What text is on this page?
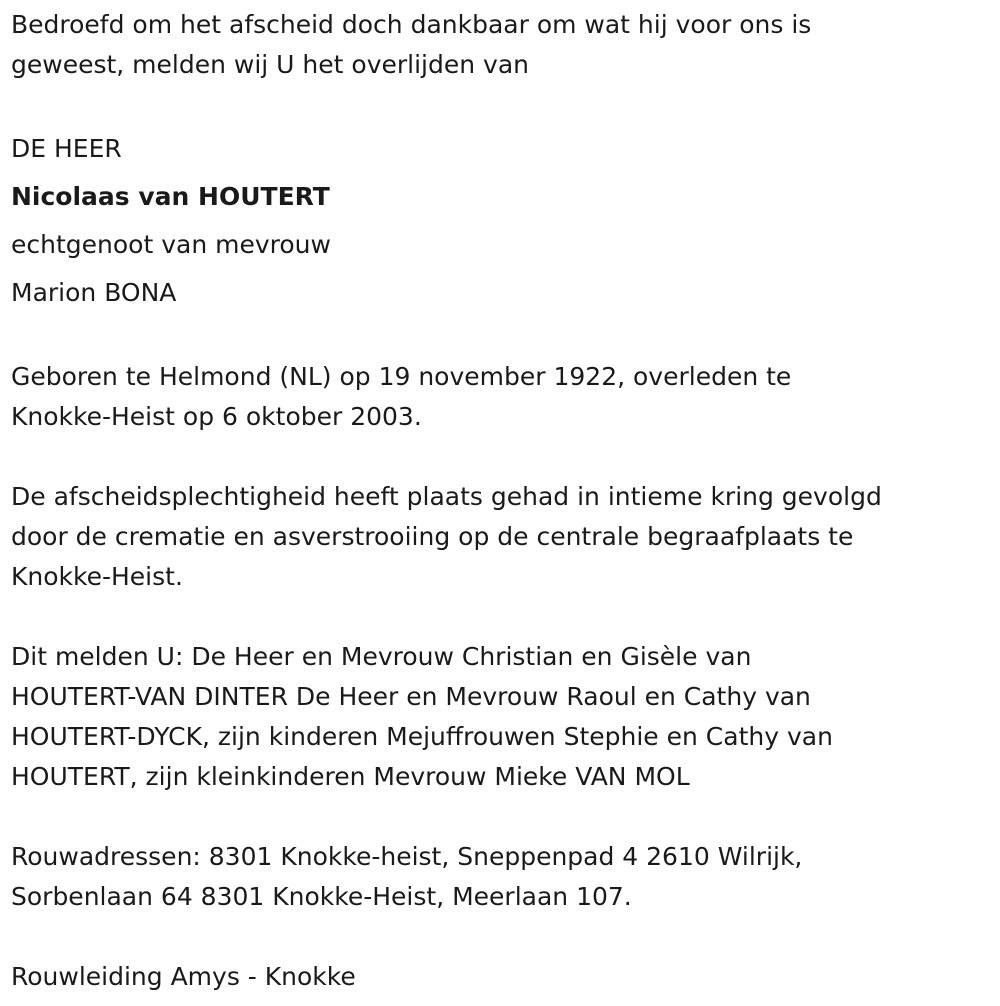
Bedroefd om het afscheid doch dankbaar om wat hij voor ons is

geweest, melden wij U het overlijden van

DE HEER

Nicolaas van HOUTERT

echtgenoot van mevrouw

Marion BONA

Geboren te Helmond (NL) op 19 november 1922, overleden te

Knokke-Heist op 6 oktober 2003.

De afscheidsplechtigheid heeft plaats gehad in intieme kring gevolgd

door de crematie en asverstrooiing op de centrale begraafplaats te

Knokke-Heist.

Dit melden U: De Heer en Mevrouw Christian en Gisèle van

HOUTERT-VAN DINTER De Heer en Mevrouw Raoul en Cathy van

HOUTERT-DYCK, zijn kinderen Mejuffrouwen Stephie en Cathy van

HOUTERT, zijn kleinkinderen Mevrouw Mieke VAN MOL

Rouwadressen: 8301 Knokke-heist, Sneppenpad 4 2610 Wilrijk,

Sorbenlaan 64 8301 Knokke-Heist, Meerlaan 107.

Rouwleiding Amys - Knokke
